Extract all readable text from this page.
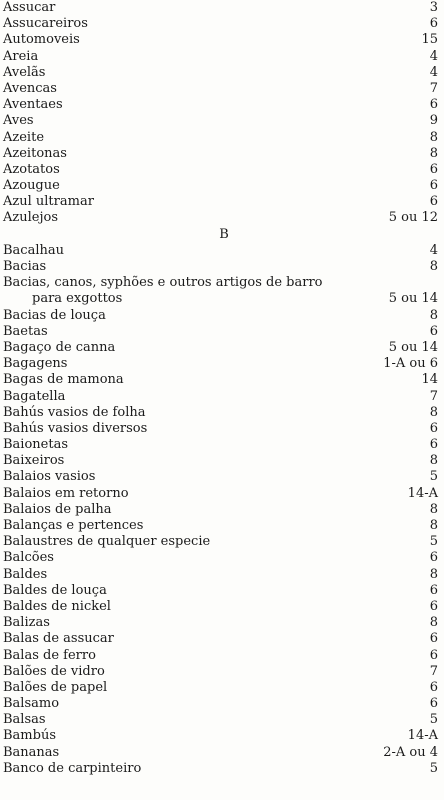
Assucar	3
Assucareiros	6
Automoveis	15
Areia	4
Avelãs	4
Avencas	7
Aventaes	6
Aves	9
Azeite	8
Azeitonas	8
Azotatos	6
Azougue	6
Azul ultramar	6
Azulejos	5 ou 12
B
Bacalhau	4
Bacias	8
Bacias, canos, syphões e outros artigos de barro
para exgottos	5 ou 14
Bacias de louça	8
Baetas	6
Bagaço de canna	5 ou 14
Bagagens	1-A ou 6
Bagas de mamona	14
Bagatella	7
Bahús vasios de folha	8
Bahús vasios diversos	6
Baionetas	6
Baixeiros	8
Balaios vasios	5
Balaios em retorno	14-A
Balaios de palha	8
Balanças e pertences	8
Balaustres de qualquer especie	5
Balcões	6
Baldes	8
Baldes de louça	6
Baldes de nickel	6
Balizas	8
Balas de assucar	6
Balas de ferro	6
Balões de vidro	7
Balões de papel	6
Balsamo	6
Balsas	5
Bambús	14-A
Bananas	2-A ou 4
Banco de carpinteiro	5
